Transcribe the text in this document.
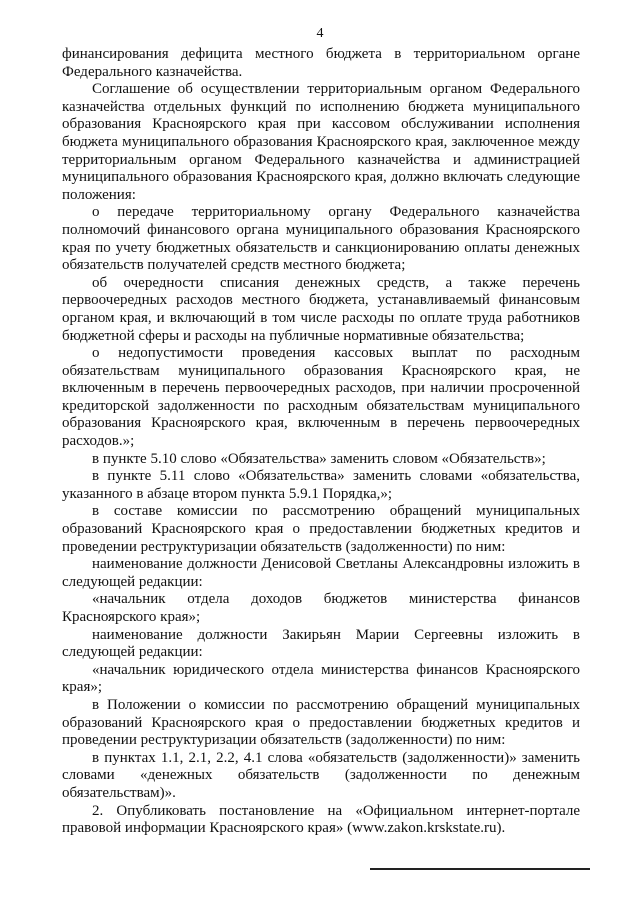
4

финансирования дефицита местного бюджета в территориальном органе Федерального казначейства.

Соглашение об осуществлении территориальным органом Федерального казначейства отдельных функций по исполнению бюджета муниципального образования Красноярского края при кассовом обслуживании исполнения бюджета муниципального образования Красноярского края, заключенное между территориальным органом Федерального казначейства и администрацией муниципального образования Красноярского края, должно включать следующие положения:

о передаче территориальному органу Федерального казначейства полномочий финансового органа муниципального образования Красноярского края по учету бюджетных обязательств и санкционированию оплаты денежных обязательств получателей средств местного бюджета;

об очередности списания денежных средств, а также перечень первоочередных расходов местного бюджета, устанавливаемый финансовым органом края, и включающий в том числе расходы по оплате труда работников бюджетной сферы и расходы на публичные нормативные обязательства;

о недопустимости проведения кассовых выплат по расходным обязательствам муниципального образования Красноярского края, не включенным в перечень первоочередных расходов, при наличии просроченной кредиторской задолженности по расходным обязательствам муниципального образования Красноярского края, включенным в перечень первоочередных расходов.»;

в пункте 5.10 слово «Обязательства» заменить словом «Обязательств»;

в пункте 5.11 слово «Обязательства» заменить словами «обязательства, указанного в абзаце втором пункта 5.9.1 Порядка,»;

в составе комиссии по рассмотрению обращений муниципальных образований Красноярского края о предоставлении бюджетных кредитов и проведении реструктуризации обязательств (задолженности) по ним:

наименование должности Денисовой Светланы Александровны изложить в следующей редакции:

«начальник отдела доходов бюджетов министерства финансов Красноярского края»;

наименование должности Закирьян Марии Сергеевны изложить в следующей редакции:

«начальник юридического отдела министерства финансов Красноярского края»;

в Положении о комиссии по рассмотрению обращений муниципальных образований Красноярского края о предоставлении бюджетных кредитов и проведении реструктуризации обязательств (задолженности) по ним:

в пунктах 1.1, 2.1, 2.2, 4.1 слова «обязательств (задолженности)» заменить словами «денежных обязательств (задолженности по денежным обязательствам)».

2. Опубликовать постановление на «Официальном интернет-портале правовой информации Красноярского края» (www.zakon.krskstate.ru).
